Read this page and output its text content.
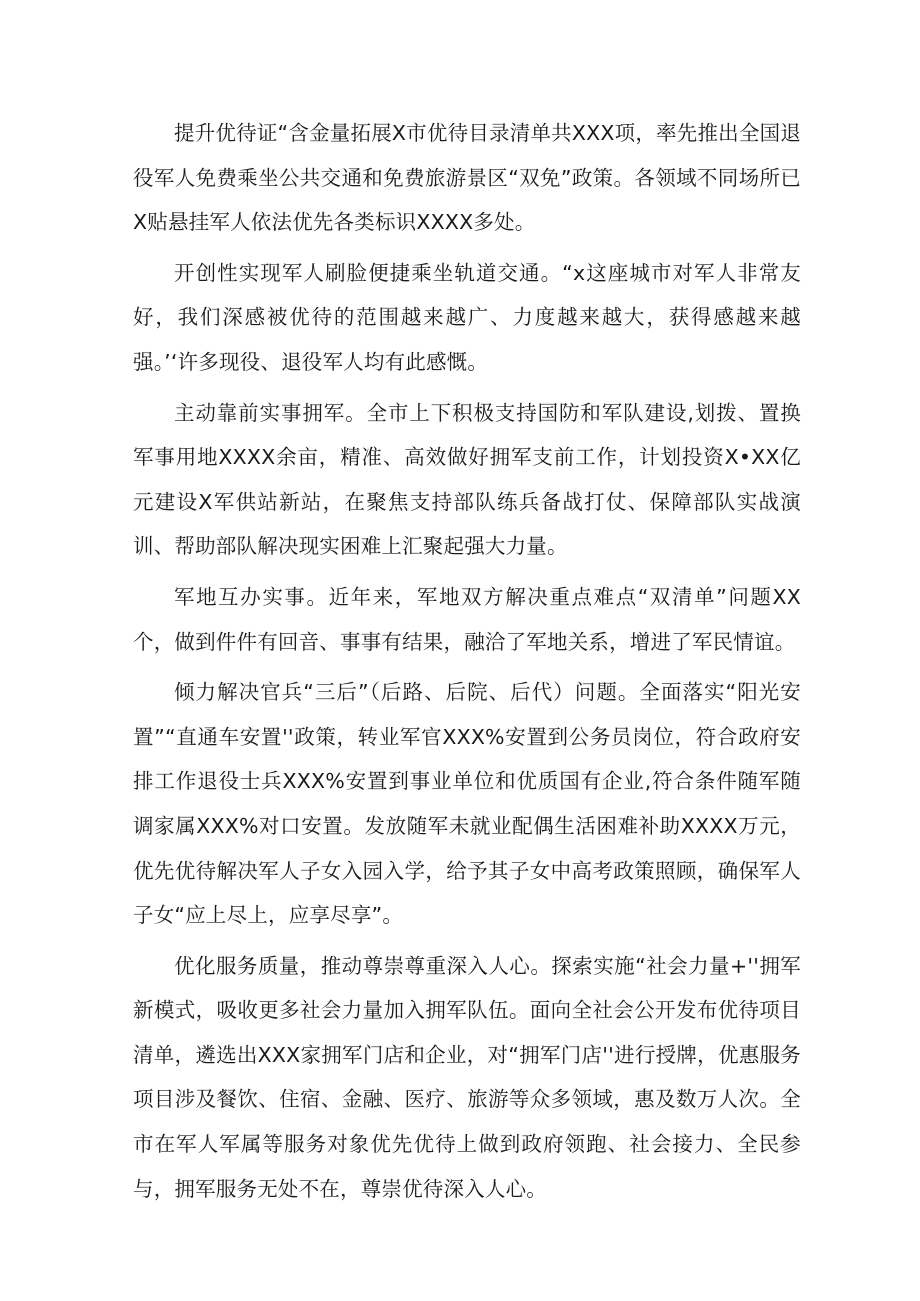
提升优待证“含金量拓展X市优待目录清单共XXX项，率先推出全国退役军人免费乘坐公共交通和免费旅游景区“双免”政策。各领域不同场所已X贴悬挂军人依法优先各类标识XXXX多处。

开创性实现军人刷脸便捷乘坐轨道交通。“x这座城市对军人非常友好，我们深感被优待的范围越来越广、力度越来越大，获得感越来越强。’‘许多现役、退役军人均有此感慨。

主动靠前实事拥军。全市上下积极支持国防和军队建设,划拨、置换军事用地XXXX余亩，精准、高效做好拥军支前工作，计划投资X•XX亿元建设X军供站新站，在聚焦支持部队练兵备战打仗、保障部队实战演训、帮助部队解决现实困难上汇聚起强大力量。

军地互办实事。近年来，军地双方解决重点难点“双清单”问题XX个，做到件件有回音、事事有结果，融洽了军地关系，增进了军民情谊。

倾力解决官兵“三后”（后路、后院、后代）问题。全面落实“阳光安置”“直通车安置''政策，转业军官XXX%安置到公务员岗位，符合政府安排工作退役士兵XXX%安置到事业单位和优质国有企业,符合条件随军随调家属XXX%对口安置。发放随军未就业配偶生活困难补助XXXX万元，优先优待解决军人子女入园入学，给予其子女中高考政策照顾，确保军人子女“应上尽上，应享尽享”。

优化服务质量，推动尊崇尊重深入人心。探索实施“社会力量+''拥军新模式，吸收更多社会力量加入拥军队伍。面向全社会公开发布优待项目清单，遴选出XXX家拥军门店和企业，对“拥军门店''进行授牌，优惠服务项目涉及餐饮、住宿、金融、医疗、旅游等众多领域，惠及数万人次。全市在军人军属等服务对象优先优待上做到政府领跑、社会接力、全民参与，拥军服务无处不在，尊崇优待深入人心。
